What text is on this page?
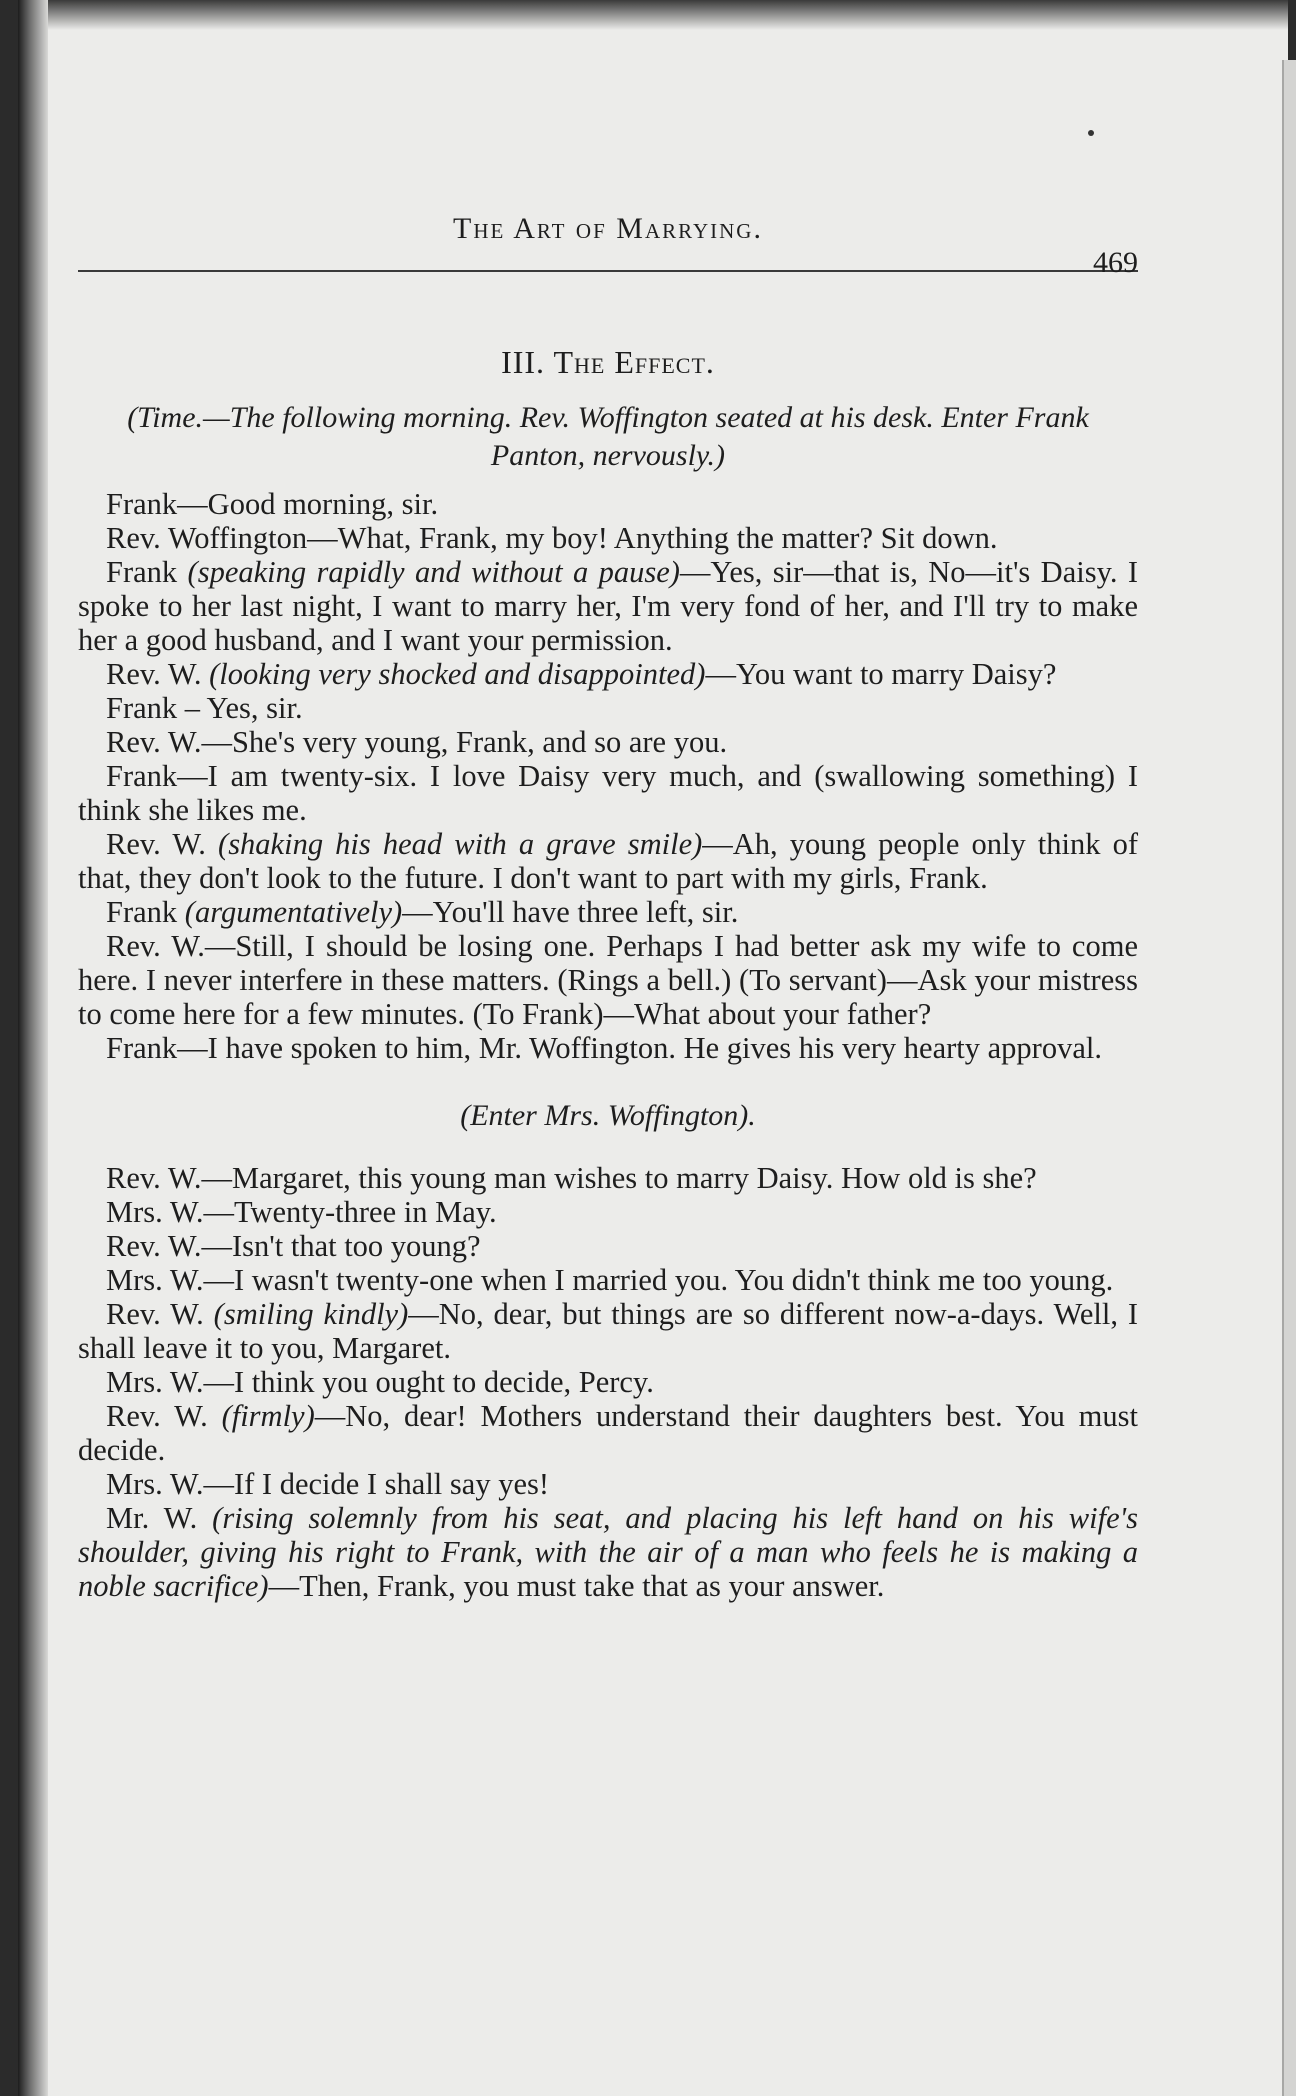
The Art of Marrying.
469
III. The Effect.
(Time.—The following morning. Rev. Woffington seated at his desk. Enter Frank Panton, nervously.)

Frank—Good morning, sir.

Rev. Woffington—What, Frank, my boy! Anything the matter? Sit down.

Frank (speaking rapidly and without a pause)—Yes, sir—that is, No—it's Daisy. I spoke to her last night, I want to marry her, I'm very fond of her, and I'll try to make her a good husband, and I want your permission.

Rev. W. (looking very shocked and disappointed)—You want to marry Daisy?

Frank – Yes, sir.

Rev. W.—She's very young, Frank, and so are you.

Frank—I am twenty-six. I love Daisy very much, and (swallowing something) I think she likes me.

Rev. W. (shaking his head with a grave smile)—Ah, young people only think of that, they don't look to the future. I don't want to part with my girls, Frank.

Frank (argumentatively)—You'll have three left, sir.

Rev. W.—Still, I should be losing one. Perhaps I had better ask my wife to come here. I never interfere in these matters. (Rings a bell.) (To servant)—Ask your mistress to come here for a few minutes. (To Frank)—What about your father?

Frank—I have spoken to him, Mr. Woffington. He gives his very hearty approval.

(Enter Mrs. Woffington).

Rev. W.—Margaret, this young man wishes to marry Daisy. How old is she?

Mrs. W.—Twenty-three in May.

Rev. W.—Isn't that too young?

Mrs. W.—I wasn't twenty-one when I married you. You didn't think me too young.

Rev. W. (smiling kindly)—No, dear, but things are so different now-a-days. Well, I shall leave it to you, Margaret.

Mrs. W.—I think you ought to decide, Percy.

Rev. W. (firmly)—No, dear! Mothers understand their daughters best. You must decide.

Mrs. W.—If I decide I shall say yes!

Mr. W. (rising solemnly from his seat, and placing his left hand on his wife's shoulder, giving his right to Frank, with the air of a man who feels he is making a noble sacrifice)—Then, Frank, you must take that as your answer.
